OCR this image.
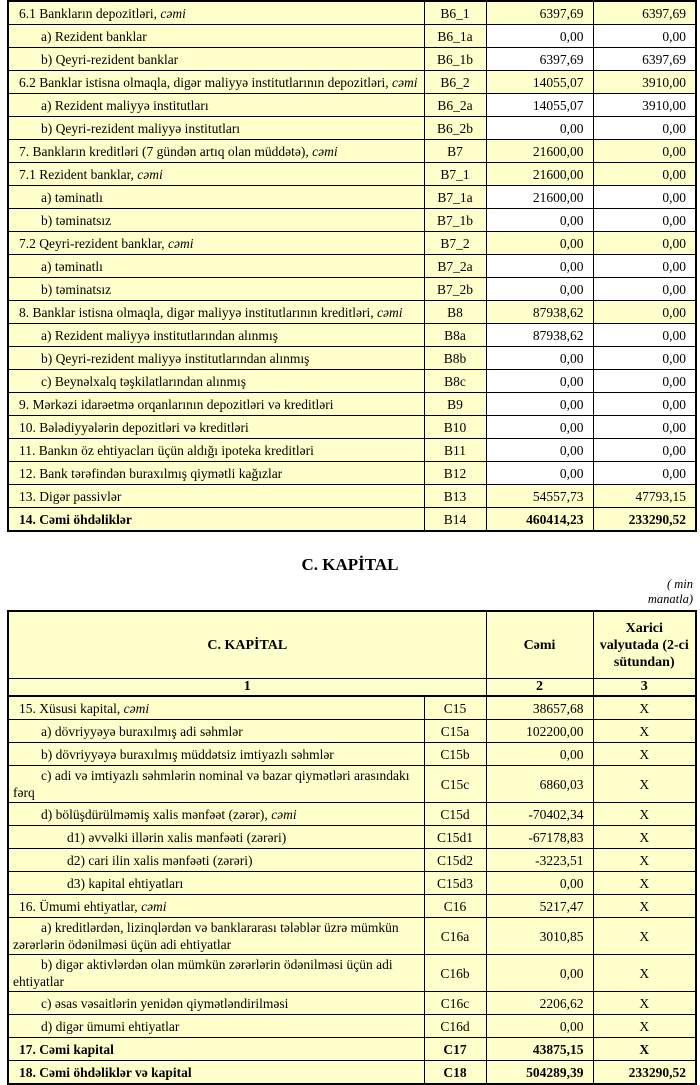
6.1 Bankların depozitləri, cəmi	B6_1	6397,69	6397,69
a) Rezident banklar	B6_1a	0,00	0,00
b) Qeyri-rezident banklar	B6_1b	6397,69	6397,69
6.2 Banklar istisna olmaqla, digər maliyyə institutlarının depozitləri, cəmi	B6_2	14055,07	3910,00
a) Rezident maliyyə institutları	B6_2a	14055,07	3910,00
b) Qeyri-rezident maliyyə institutları	B6_2b	0,00	0,00
7. Bankların kreditləri (7 gündən artıq olan müddətə), cəmi	B7	21600,00	0,00
7.1 Rezident banklar, cəmi	B7_1	21600,00	0,00
a) təminatlı	B7_1a	21600,00	0,00
b) təminatsız	B7_1b	0,00	0,00
7.2 Qeyri-rezident banklar, cəmi	B7_2	0,00	0,00
a) təminatlı	B7_2a	0,00	0,00
b) təminatsız	B7_2b	0,00	0,00
8. Banklar istisna olmaqla, digər maliyyə institutlarının kreditləri, cəmi	B8	87938,62	0,00
a) Rezident maliyyə institutlarından alınmış	B8a	87938,62	0,00
b) Qeyri-rezident maliyyə institutlarından alınmış	B8b	0,00	0,00
c) Beynəlxalq təşkilatlarından alınmış	B8c	0,00	0,00
9. Mərkəzi idarəetmə orqanlarının depozitləri və kreditləri	B9	0,00	0,00
10. Bələdiyyələrin depozitləri və kreditləri	B10	0,00	0,00
11. Bankın öz ehtiyacları üçün aldığı ipoteka kreditləri	B11	0,00	0,00
12. Bank tərəfindən buraxılmış qiymətli kağızlar	B12	0,00	0,00
13. Digər passivlər	B13	54557,73	47793,15
14. Cəmi öhdəliklər	B14	460414,23	233290,52
C. KAPİTAL
( min
manatla)
C. KAPİTAL		Cəmi	Xarici valyutada (2-ci sütundan)
1		2	3
15. Xüsusi kapital, cəmi	C15	38657,68	X
a) dövriyyəyə buraxılmış adi səhmlər	C15a	102200,00	X
b) dövriyyəyə buraxılmış müddətsiz imtiyazlı səhmlər	C15b	0,00	X
c) adi və imtiyazlı səhmlərin nominal və bazar qiymətləri arasındakı fərq	C15c	6860,03	X
d) bölüşdürülməmiş xalis mənfəət (zərər), cəmi	C15d	-70402,34	X
d1) əvvəlki illərin xalis mənfəəti (zərəri)	C15d1	-67178,83	X
d2) cari ilin xalis mənfəəti (zərəri)	C15d2	-3223,51	X
d3) kapital ehtiyatları	C15d3	0,00	X
16. Ümumi ehtiyatlar, cəmi	C16	5217,47	X
a) kreditlərdən, lizinqlərdən və banklararası tələblər üzrə mümkün zərərlərin ödənilməsi üçün adi ehtiyatlar	C16a	3010,85	X
b) digər aktivlərdən olan mümkün zərərlərin ödənilməsi üçün adi ehtiyatlar	C16b	0,00	X
c) əsas vəsaitlərin yenidən qiymətləndirilməsi	C16c	2206,62	X
d) digər ümumi ehtiyatlar	C16d	0,00	X
17. Cəmi kapital	C17	43875,15	X
18. Cəmi öhdəliklər və kapital	C18	504289,39	233290,52
